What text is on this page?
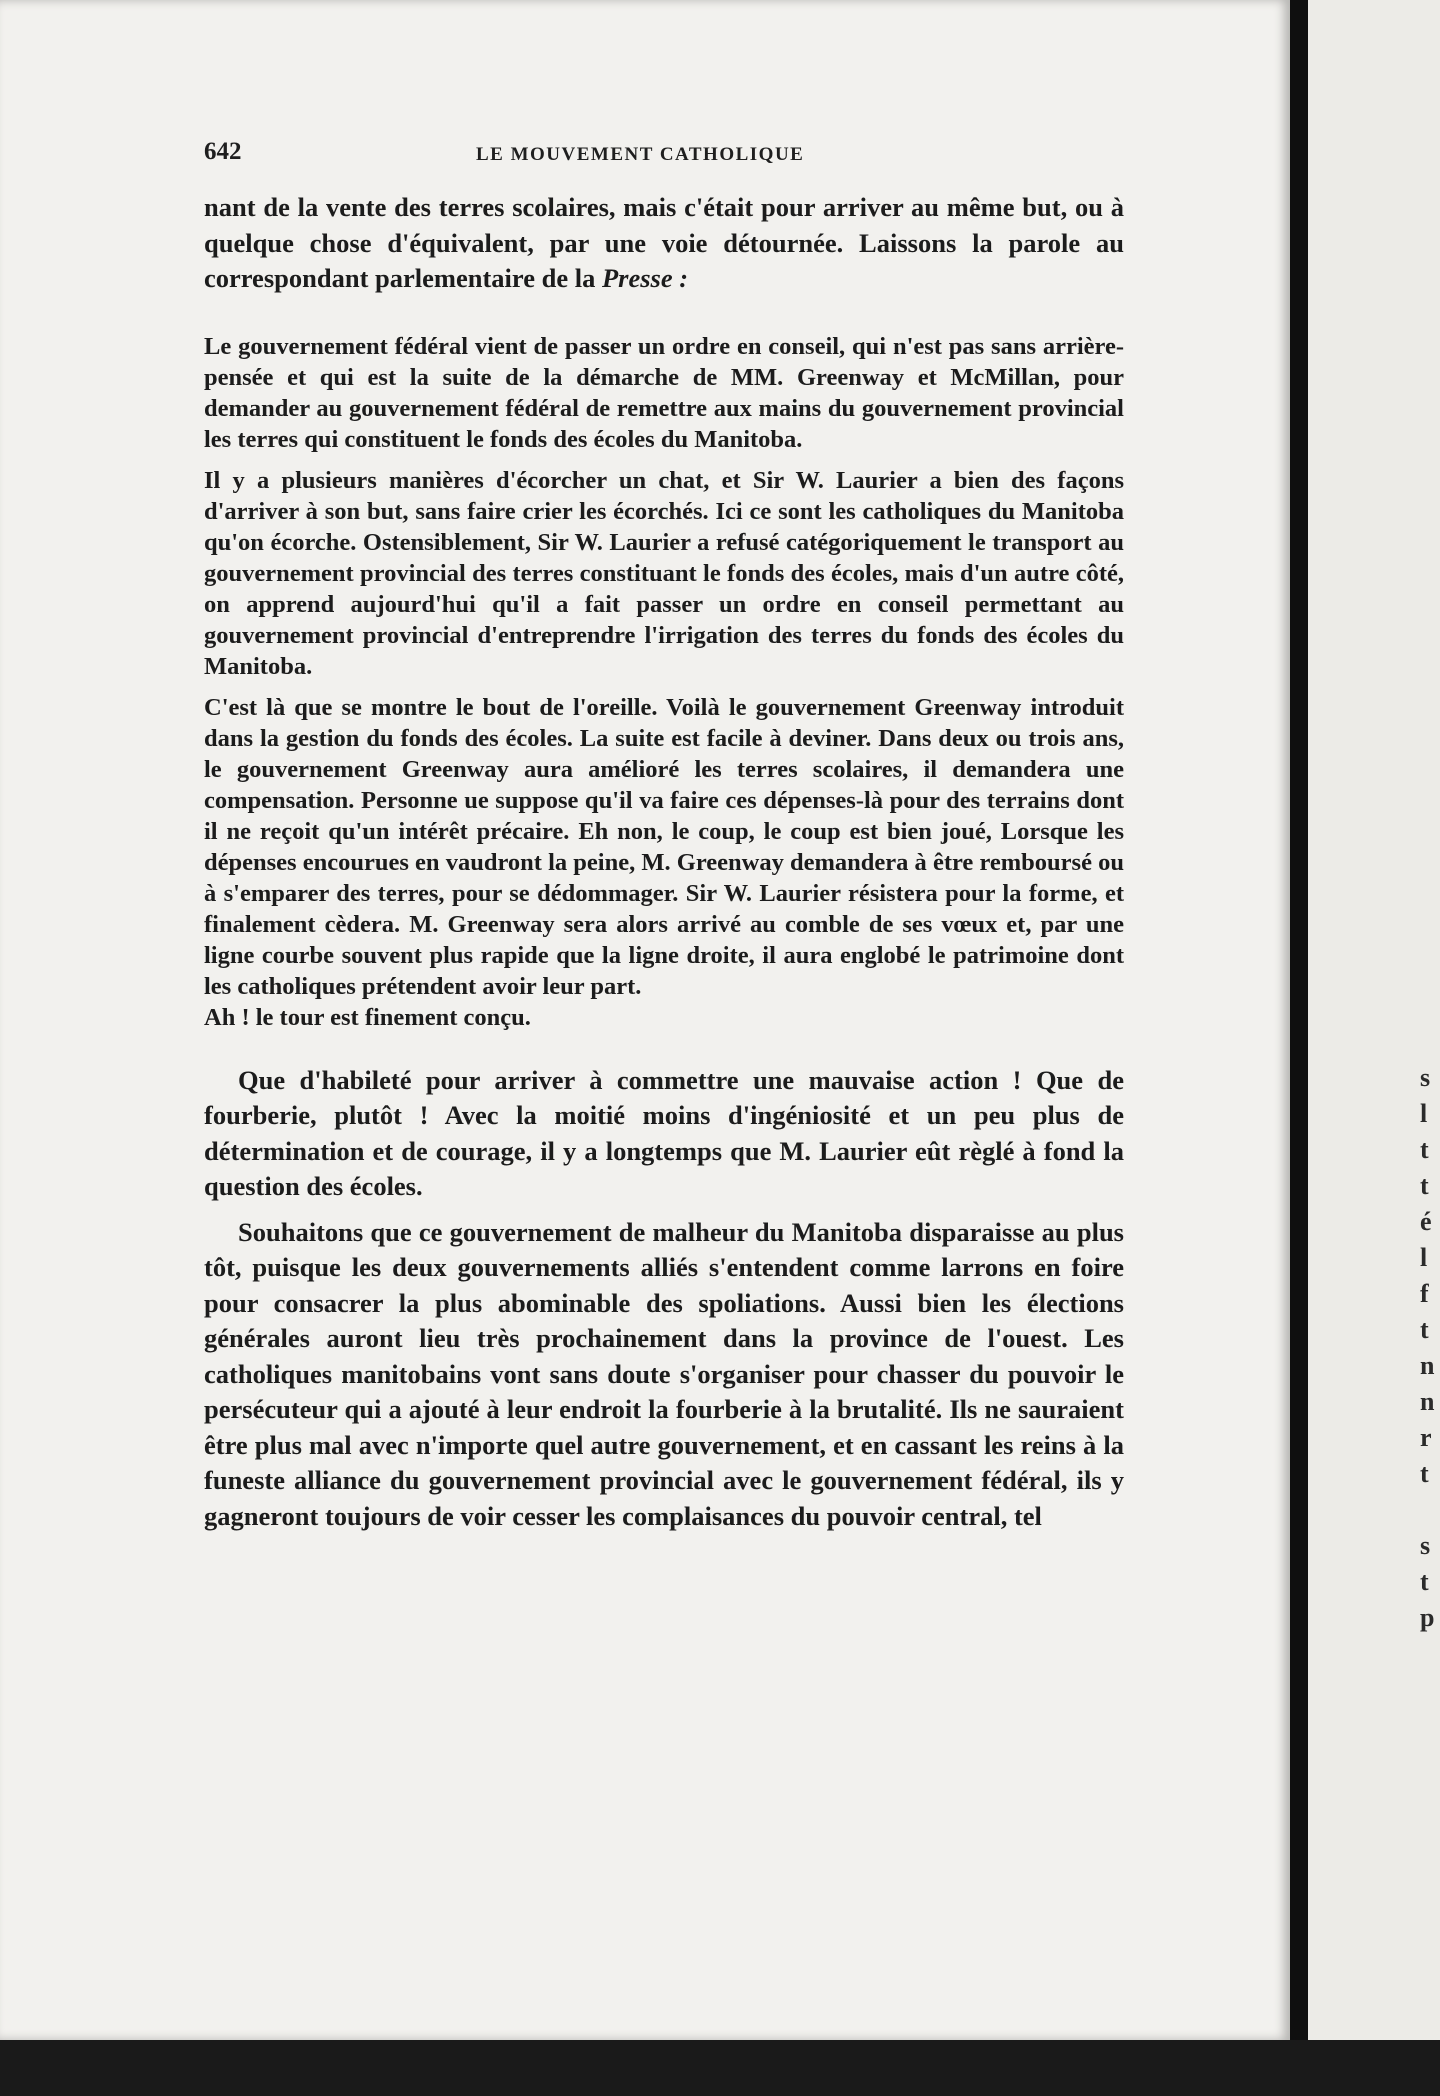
642	LE MOUVEMENT CATHOLIQUE

nant de la vente des terres scolaires, mais c'était pour arriver au même but, ou à quelque chose d'équivalent, par une voie détournée. Laissons la parole au correspondant parlementaire de la Presse :

Le gouvernement fédéral vient de passer un ordre en conseil, qui n'est pas sans arrière-pensée et qui est la suite de la démarche de MM. Greenway et McMillan, pour demander au gouvernement fédéral de remettre aux mains du gouvernement provincial les terres qui constituent le fonds des écoles du Manitoba.

Il y a plusieurs manières d'écorcher un chat, et Sir W. Laurier a bien des façons d'arriver à son but, sans faire crier les écorchés. Ici ce sont les catholiques du Manitoba qu'on écorche. Ostensiblement, Sir W. Laurier a refusé catégoriquement le transport au gouvernement provincial des terres constituant le fonds des écoles, mais d'un autre côté, on apprend aujourd'hui qu'il a fait passer un ordre en conseil permettant au gouvernement provincial d'entreprendre l'irrigation des terres du fonds des écoles du Manitoba.

C'est là que se montre le bout de l'oreille. Voilà le gouvernement Greenway introduit dans la gestion du fonds des écoles. La suite est facile à deviner. Dans deux ou trois ans, le gouvernement Greenway aura amélioré les terres scolaires, il demandera une compensation. Personne ue suppose qu'il va faire ces dépenses-là pour des terrains dont il ne reçoit qu'un intérêt précaire. Eh non, le coup, le coup est bien joué, Lorsque les dépenses encourues en vaudront la peine, M. Greenway demandera à être remboursé ou à s'emparer des terres, pour se dédommager. Sir W. Laurier résistera pour la forme, et finalement cèdera. M. Greenway sera alors arrivé au comble de ses vœux et, par une ligne courbe souvent plus rapide que la ligne droite, il aura englobé le patrimoine dont les catholiques prétendent avoir leur part.

Ah ! le tour est finement conçu.

Que d'habileté pour arriver à commettre une mauvaise action ! Que de fourberie, plutôt ! Avec la moitié moins d'ingéniosité et un peu plus de détermination et de courage, il y a longtemps que M. Laurier eût règlé à fond la question des écoles.

Souhaitons que ce gouvernement de malheur du Manitoba disparaisse au plus tôt, puisque les deux gouvernements alliés s'entendent comme larrons en foire pour consacrer la plus abominable des spoliations. Aussi bien les élections générales auront lieu très prochainement dans la province de l'ouest. Les catholiques manitobains vont sans doute s'organiser pour chasser du pouvoir le persécuteur qui a ajouté à leur endroit la fourberie à la brutalité. Ils ne sauraient être plus mal avec n'importe quel autre gouvernement, et en cassant les reins à la funeste alliance du gouvernement provincial avec le gouvernement fédéral, ils y gagneront toujours de voir cesser les complaisances du pouvoir central, tel

s
l
t
t
é
l
f
t
n
n
r
t
s
t
p
